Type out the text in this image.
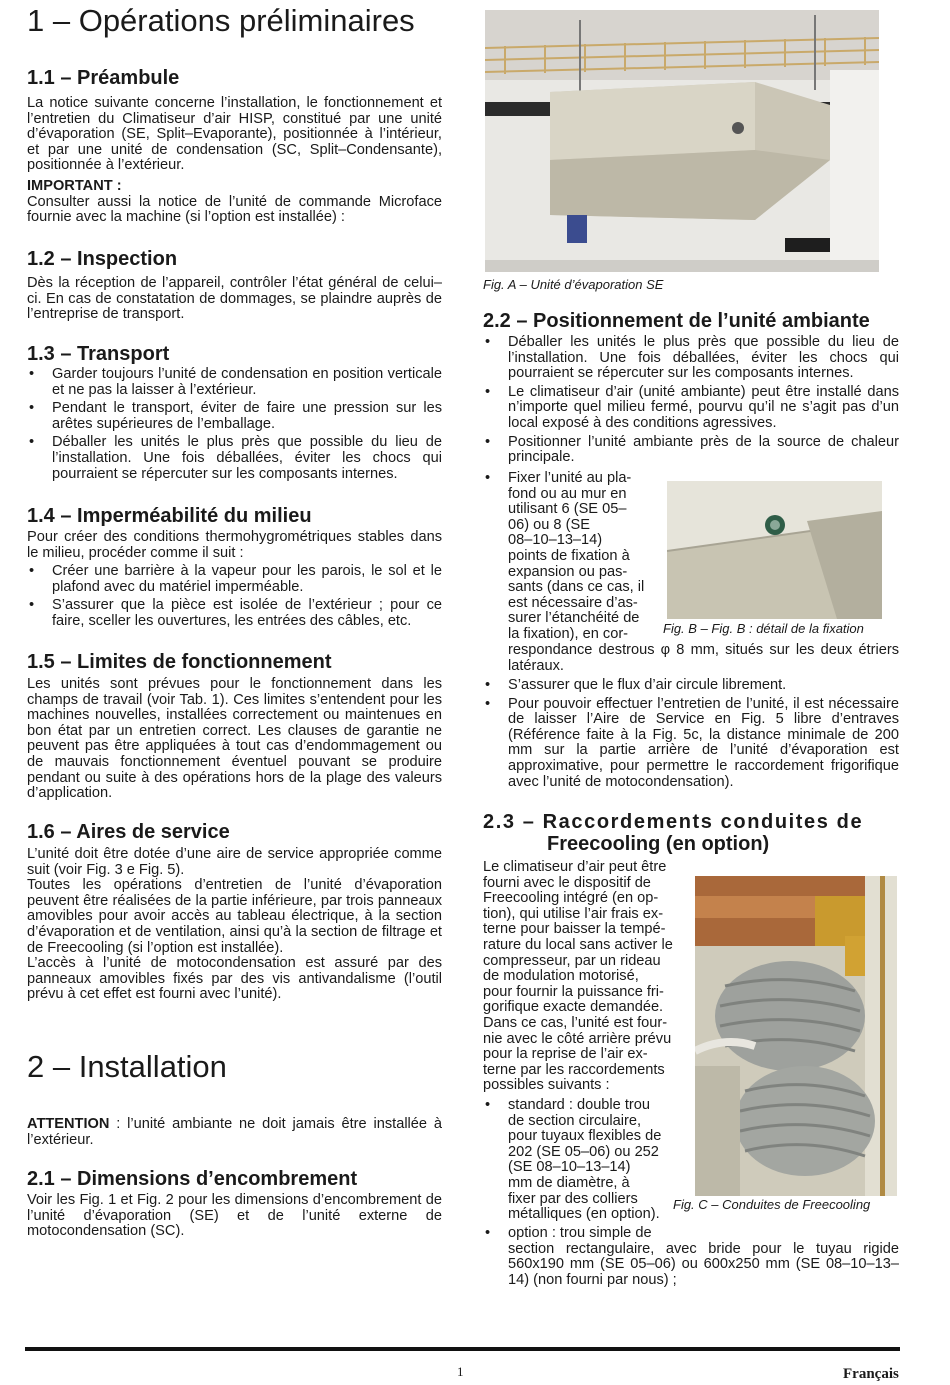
1 – Opérations préliminaires
1.1 – Préambule

La notice suivante concerne l’installation, le fonctionnement et l’entretien du Climatiseur d’air HISP, constitué par une unité d’évaporation (SE, Split–Evaporante), positionnée à l’intérieur, et par une unité de condensation (SC, Split–Condensante), positionnée à l’extérieur.

IMPORTANT :

Consulter aussi la notice de l’unité de commande Microface fournie avec la machine (si l’option est installée) :

1.2 – Inspection

Dès la réception de l’appareil, contrôler l’état général de celui–ci. En cas de constatation de dommages, se plaindre auprès de l’entreprise de transport.

1.3 – Transport
• Garder toujours l’unité de condensation en position verticale et ne pas la laisser à l’extérieur.
• Pendant le transport, éviter de faire une pression sur les arêtes supérieures de l’emballage.
• Déballer les unités le plus près que possible du lieu de l’installation. Une fois déballées, éviter les chocs qui pourraient se répercuter sur les composants internes.
1.4 – Imperméabilité du milieu

Pour créer des conditions thermohygrométriques stables dans le milieu, procéder comme il suit :

• Créer une barrière à la vapeur pour les parois, le sol et le plafond avec du matériel imperméable.
• S’assurer que la pièce est isolée de l’extérieur ; pour ce faire, sceller les ouvertures, les entrées des câbles, etc.
1.5 – Limites de fonctionnement

Les unités sont prévues pour le fonctionnement dans les champs de travail (voir Tab. 1). Ces limites s’entendent pour les machines nouvelles, installées correctement ou maintenues en bon état par un entretien correct. Les clauses de garantie ne peuvent pas être appliquées à tout cas d’endommagement ou de mauvais fonctionnement éventuel pouvant se produire pendant ou suite à des opérations hors de la plage des valeurs d’application.

1.6 – Aires de service

L’unité doit être dotée d’une aire de service appropriée comme suit (voir Fig. 3 e Fig. 5).

Toutes les opérations d’entretien de l’unité d’évaporation peuvent être réalisées de la partie inférieure, par trois panneaux amovibles pour avoir accès au tableau électrique, à la section d’évaporation et de ventilation, ainsi qu’à la section de filtrage et de Freecooling (si l’option est installée).

L’accès à l’unité de motocondensation est assuré par des panneaux amovibles fixés par des vis antivandalisme (l’outil prévu à cet effet est fourni avec l’unité).

2 – Installation

ATTENTION : l’unité ambiante ne doit jamais être installée à l’extérieur.

2.1 – Dimensions d’encombrement

Voir les Fig. 1 et Fig. 2 pour les dimensions d’encombrement de l’unité d’évaporation (SE) et de l’unité externe de motocondensation (SC).

Fig. A – Unité d’évaporation SE
2.2 – Positionnement de l’unité ambiante
• Déballer les unités le plus près que possible du lieu de l’installation. Une fois déballées, éviter les chocs qui pourraient se répercuter sur les composants internes.
• Le climatiseur d’air (unité ambiante) peut être installé dans n’importe quel milieu fermé, pourvu qu’il ne s’agit pas d’un local exposé à des conditions agressives.
• Positionner l’unité ambiante près de la source de chaleur principale.
• Fixer l’unité au pla-
fond ou au mur en
utilisant 6 (SE 05–
06) ou 8 (SE
08–10–13–14)
points de fixation à
expansion ou pas-
sants (dans ce cas, il
est nécessaire d’as-
surer l’étanchéité de
la fixation), en cor-	Fig. B – Fig. B : détail de la fixation
respondance destrous φ 8 mm, situés sur les deux étriers latéraux.
• S’assurer que le flux d’air circule librement.
• Pour pouvoir effectuer l’entretien de l’unité, il est nécessaire de laisser l’Aire de Service en Fig. 5 libre d’entraves (Référence faite à la Fig. 5c, la distance minimale de 200 mm sur la partie arrière de l’unité d’évaporation est approximative, pour permettre le raccordement frigorifique avec l’unité de motocondensation).
2.3 – Raccordements conduites de
Freecooling (en option)
Le climatiseur d’air peut être
fourni avec le dispositif de
Freecooling intégré (en op-
tion), qui utilise l’air frais ex-
terne pour baisser la tempé-
rature du local sans activer le
compresseur, par un rideau
de modulation motorisé,
pour fournir la puissance fri-
gorifique exacte demandée.
Dans ce cas, l’unité est four-
nie avec le côté arrière prévu
pour la reprise de l’air ex-
terne par les raccordements
possibles suivants :
• standard : double trou
de section circulaire,
pour tuyaux flexibles de
202 (SE 05–06) ou 252
(SE 08–10–13–14)
mm de diamètre, à
fixer par des colliers
métalliques (en option).
Fig. C – Conduites de Freecooling
• option : trou simple de
section rectangulaire, avec bride pour le tuyau rigide 560x190 mm (SE 05–06) ou 600x250 mm (SE 08–10–13–14) (non fourni par nous) ;
1	Français
